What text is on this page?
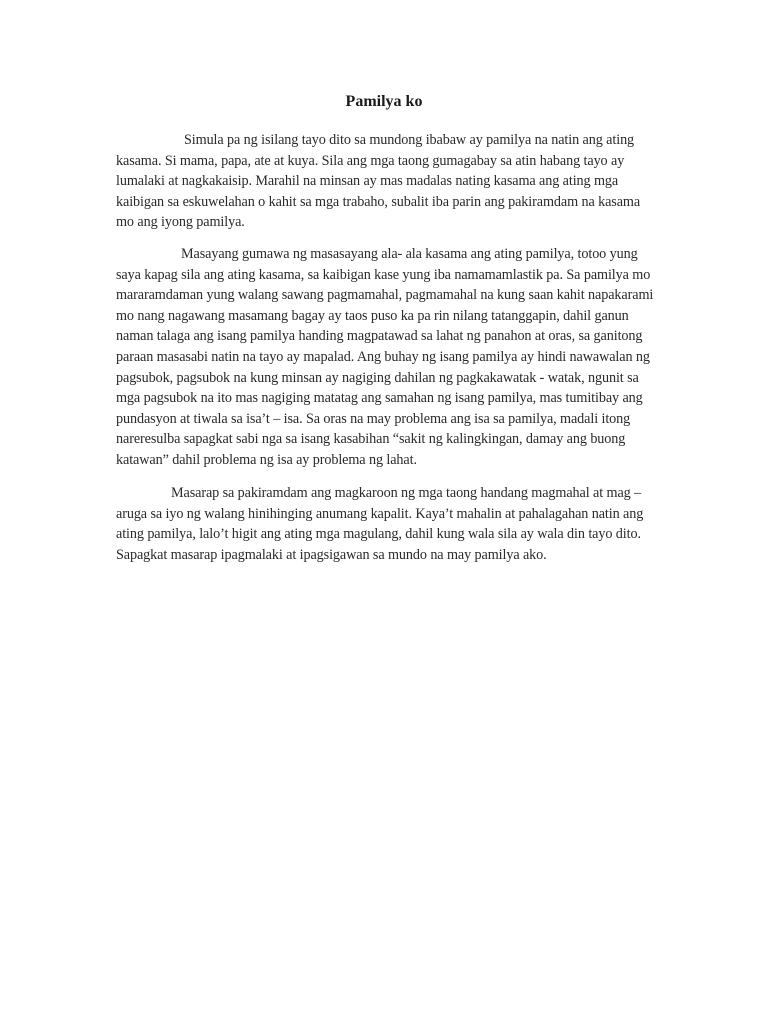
Pamilya ko

Simula pa ng isilang tayo dito sa mundong ibabaw ay pamilya na natin ang ating
kasama. Si mama, papa, ate at kuya. Sila ang mga taong gumagabay sa atin habang tayo ay
lumalaki at nagkakaisip. Marahil na minsan ay mas madalas nating kasama ang ating mga
kaibigan sa eskuwelahan o kahit sa mga trabaho, subalit iba parin ang pakiramdam na kasama
mo ang iyong pamilya.

Masayang gumawa ng masasayang ala- ala kasama ang ating pamilya, totoo yung
saya kapag sila ang ating kasama, sa kaibigan kase yung iba namamamlastik pa. Sa pamilya mo
mararamdaman yung walang sawang pagmamahal, pagmamahal na kung saan kahit napakarami
mo nang nagawang masamang bagay ay taos puso ka pa rin nilang tatanggapin, dahil ganun
naman talaga ang isang pamilya handing magpatawad sa lahat ng panahon at oras, sa ganitong
paraan masasabi natin na tayo ay mapalad. Ang buhay ng isang pamilya ay hindi nawawalan ng
pagsubok, pagsubok na kung minsan ay nagiging dahilan ng pagkakawatak - watak, ngunit sa
mga pagsubok na ito mas nagiging matatag ang samahan ng isang pamilya, mas tumitibay ang
pundasyon at tiwala sa isa’t – isa. Sa oras na may problema ang isa sa pamilya, madali itong
nareresulba sapagkat sabi nga sa isang kasabihan “sakit ng kalingkingan, damay ang buong
katawan” dahil problema ng isa ay problema ng lahat.

Masarap sa pakiramdam ang magkaroon ng mga taong handang magmahal at mag –
aruga sa iyo ng walang hinihinging anumang kapalit. Kaya’t mahalin at pahalagahan natin ang
ating pamilya, lalo’t higit ang ating mga magulang, dahil kung wala sila ay wala din tayo dito.
Sapagkat masarap ipagmalaki at ipagsigawan sa mundo na may pamilya ako.
